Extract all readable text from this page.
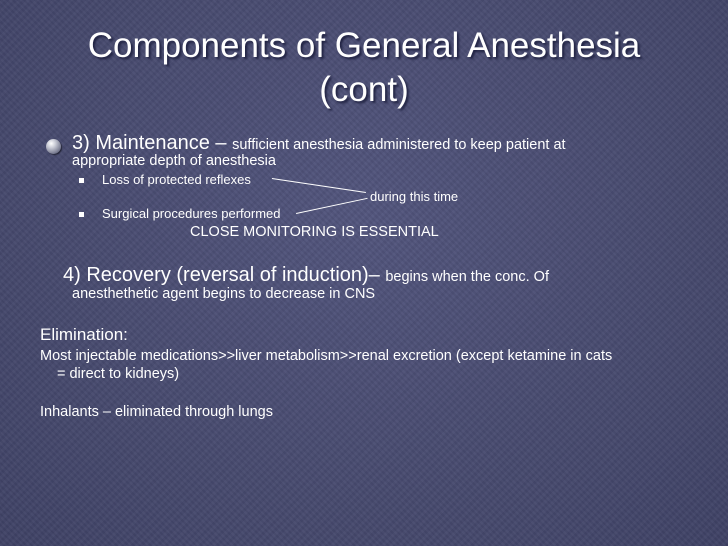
Components of General Anesthesia
(cont)
3) Maintenance – sufficient anesthesia administered to keep patient at
appropriate depth of anesthesia
Loss of protected reflexes
Surgical procedures performed
during this time
CLOSE MONITORING IS ESSENTIAL
4) Recovery (reversal of induction)– begins when the conc. Of
anesthethetic agent begins to decrease in CNS
Elimination:
Most injectable medications>>liver metabolism>>renal excretion (except ketamine in cats
= direct to kidneys)
Inhalants – eliminated through lungs
